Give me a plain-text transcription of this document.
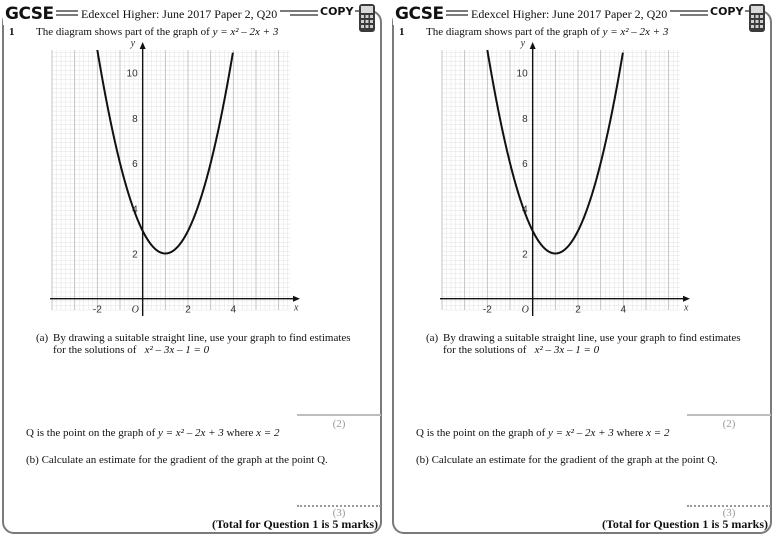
GCSE Edexcel Higher: June 2017 Paper 2, Q20	COPY
1 The diagram shows part of the graph of y = x² – 2x + 3
-2	2	4
2
4
6
8
10
x
y
O
(a) By drawing a suitable straight line, use your graph to find estimates
for the solutions of x² – 3x – 1 = 0
(2)
Q is the point on the graph of y = x² – 2x + 3 where x = 2
(b) Calculate an estimate for the gradient of the graph at the point Q.
(3)
(Total for Question 1 is 5 marks)
GCSE Edexcel Higher: June 2017 Paper 2, Q20	COPY
1 The diagram shows part of the graph of y = x² – 2x + 3
-2	2	4
2
4
6
8
10
x
y
O
(a) By drawing a suitable straight line, use your graph to find estimates
for the solutions of x² – 3x – 1 = 0
(2)
Q is the point on the graph of y = x² – 2x + 3 where x = 2
(b) Calculate an estimate for the gradient of the graph at the point Q.
(3)
(Total for Question 1 is 5 marks)
